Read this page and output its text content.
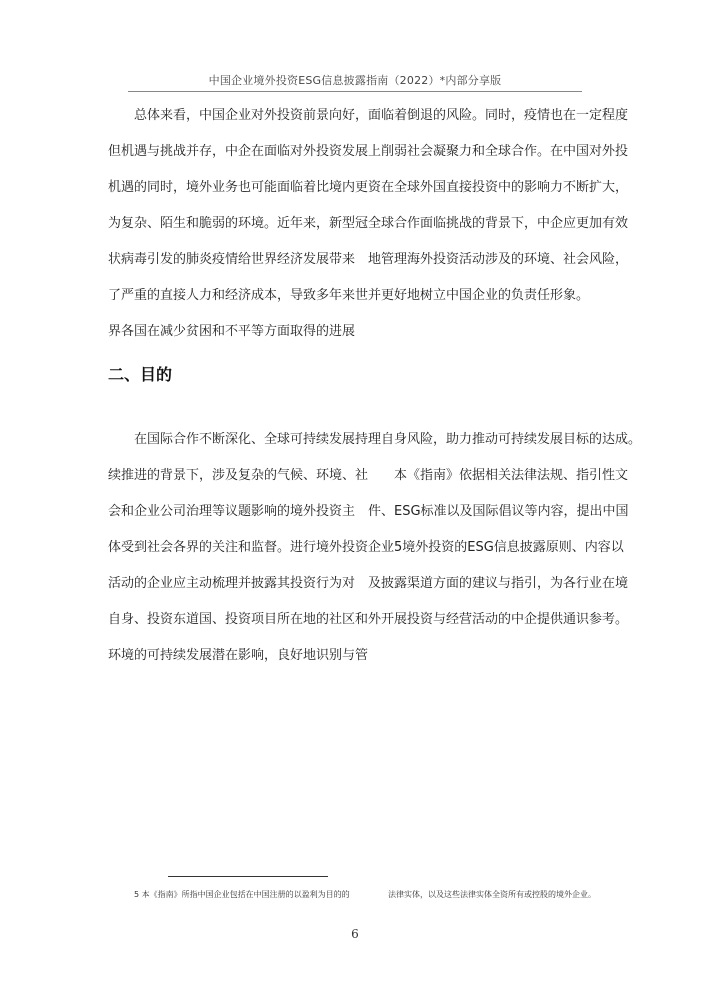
中国企业境外投资ESG信息披露指南（2022）*内部分享版
总体来看，中国企业对外投资前景向好，
但机遇与挑战并存，中企在面临对外投资发展
机遇的同时，境外业务也可能面临着比境内更
为复杂、陌生和脆弱的环境。近年来，新型冠
状病毒引发的肺炎疫情给世界经济发展带来
了严重的直接人力和经济成本，导致多年来世
界各国在减少贫困和不平等方面取得的进展
面临着倒退的风险。同时，疫情也在一定程度
上削弱社会凝聚力和全球合作。在中国对外投
资在全球外国直接投资中的影响力不断扩大，
全球合作面临挑战的背景下，中企应更加有效
地管理海外投资活动涉及的环境、社会风险，
并更好地树立中国企业的负责任形象。
二、目的
在国际合作不断深化、全球可持续发展持
续推进的背景下，涉及复杂的气候、环境、社
会和企业公司治理等议题影响的境外投资主
体受到社会各界的关注和监督。进行境外投资
活动的企业应主动梳理并披露其投资行为对
自身、投资东道国、投资项目所在地的社区和
环境的可持续发展潜在影响，良好地识别与管
理自身风险，助力推动可持续发展目标的达成。
本《指南》依据相关法律法规、指引性文
件、ESG标准以及国际倡议等内容，提出中国
企业5境外投资的ESG信息披露原则、内容以
及披露渠道方面的建议与指引，为各行业在境
外开展投资与经营活动的中企提供通识参考。
5 本《指南》所指中国企业包括在中国注册的以盈利为目的的	法律实体，以及这些法律实体全资所有或控股的境外企业。
6
